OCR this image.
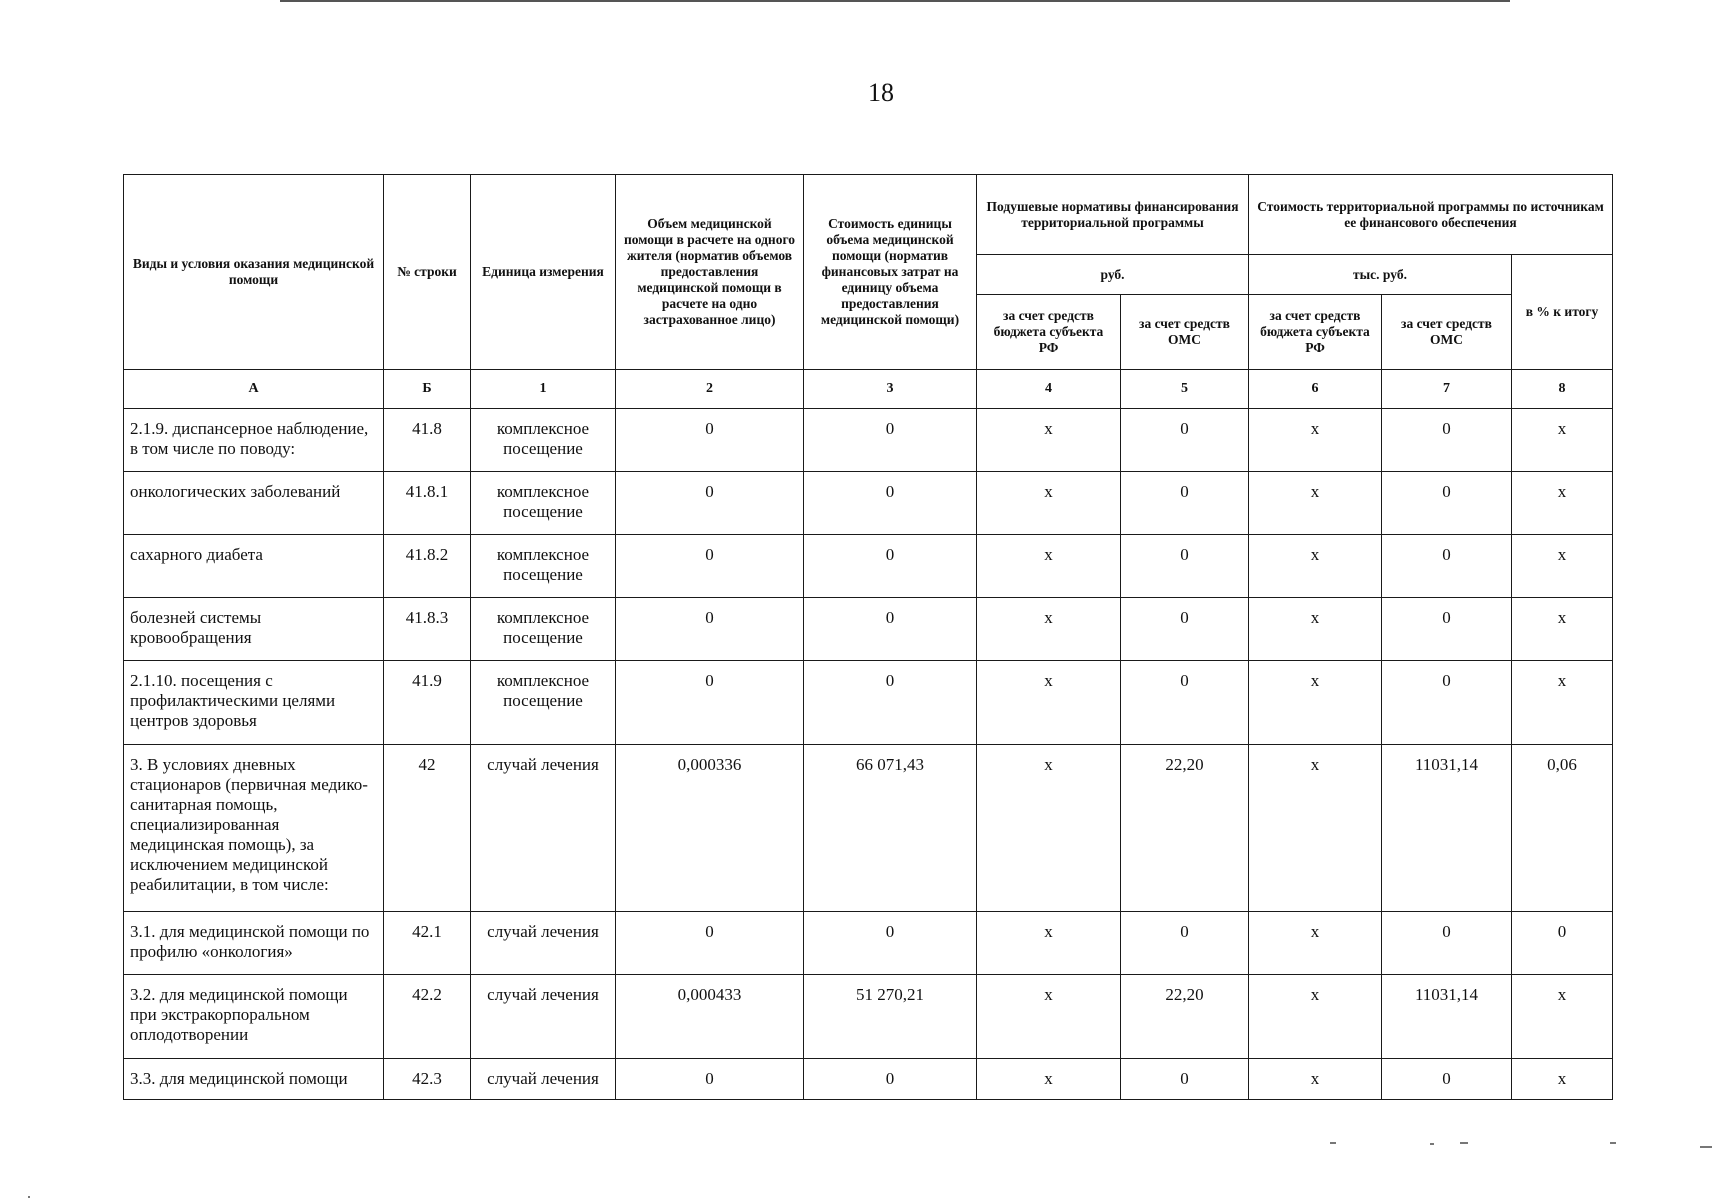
18
Виды и условия оказания медицинской помощи	№ строки	Единица измерения	Объем медицинской помощи в расчете на одного жителя (норматив объемов предоставления медицинской помощи в расчете на одно застрахованное лицо)	Стоимость единицы объема медицинской помощи (норматив финансовых затрат на единицу объема предоставления медицинской помощи)	Подушевые нормативы финансирования территориальной программы		Стоимость территориальной программы по источникам ее финансового обеспечения		
					руб.		тыс. руб.		в % к итогу
					за счет средств бюджета субъекта РФ	за счет средств ОМС	за счет средств бюджета субъекта РФ	за счет средств ОМС	
А	Б	1	2	3	4	5	6	7	8
2.1.9. диспансерное наблюдение, в том числе по поводу:	41.8	комплексное посещение	0	0	x	0	x	0	x
онкологических заболеваний	41.8.1	комплексное посещение	0	0	x	0	x	0	x
сахарного диабета	41.8.2	комплексное посещение	0	0	x	0	x	0	x
болезней системы кровообращения	41.8.3	комплексное посещение	0	0	x	0	x	0	x
2.1.10. посещения с профилактическими целями центров здоровья	41.9	комплексное посещение	0	0	x	0	x	0	x
3. В условиях дневных стационаров (первичная медико-санитарная помощь, специализированная медицинская помощь), за исключением медицинской реабилитации, в том числе:	42	случай лечения	0,000336	66 071,43	x	22,20	x	11031,14	0,06
3.1. для медицинской помощи по профилю «онкология»	42.1	случай лечения	0	0	x	0	x	0	0
3.2. для медицинской помощи при экстракорпоральном оплодотворении	42.2	случай лечения	0,000433	51 270,21	x	22,20	x	11031,14	x
3.3. для медицинской помощи	42.3	случай лечения	0	0	x	0	x	0	x
